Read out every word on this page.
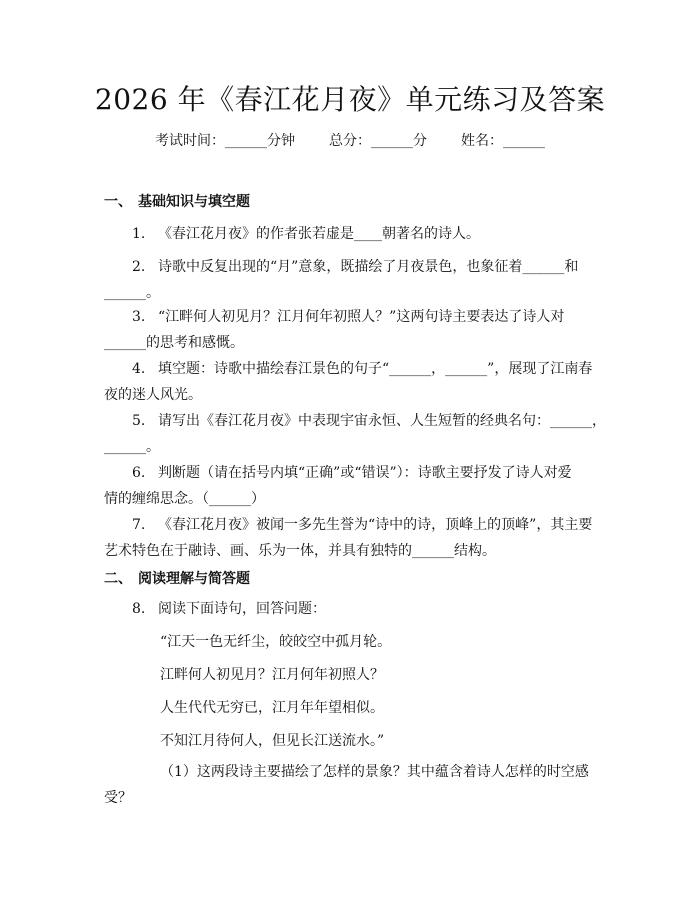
2026 年《春江花月夜》单元练习及答案
考试时间：______分钟 总分：______分 姓名：______
一、 基础知识与填空题
1. 《春江花月夜》的作者张若虚是____朝著名的诗人。
2. 诗歌中反复出现的“月”意象，既描绘了月夜景色，也象征着______和
______。
3. “江畔何人初见月？江月何年初照人？”这两句诗主要表达了诗人对
______的思考和感慨。
4. 填空题：诗歌中描绘春江景色的句子“______，______”，展现了江南春
夜的迷人风光。
5. 请写出《春江花月夜》中表现宇宙永恒、人生短暂的经典名句：______，
______。
6. 判断题（请在括号内填“正确”或“错误”）：诗歌主要抒发了诗人对爱
情的缠绵思念。（______）
7. 《春江花月夜》被闻一多先生誉为“诗中的诗，顶峰上的顶峰”，其主要
艺术特色在于融诗、画、乐为一体，并具有独特的______结构。
二、 阅读理解与简答题
8. 阅读下面诗句，回答问题：
“江天一色无纤尘，皎皎空中孤月轮。
江畔何人初见月？江月何年初照人？
人生代代无穷已，江月年年望相似。
不知江月待何人，但见长江送流水。”
（1）这两段诗主要描绘了怎样的景象？其中蕴含着诗人怎样的时空感
受？
